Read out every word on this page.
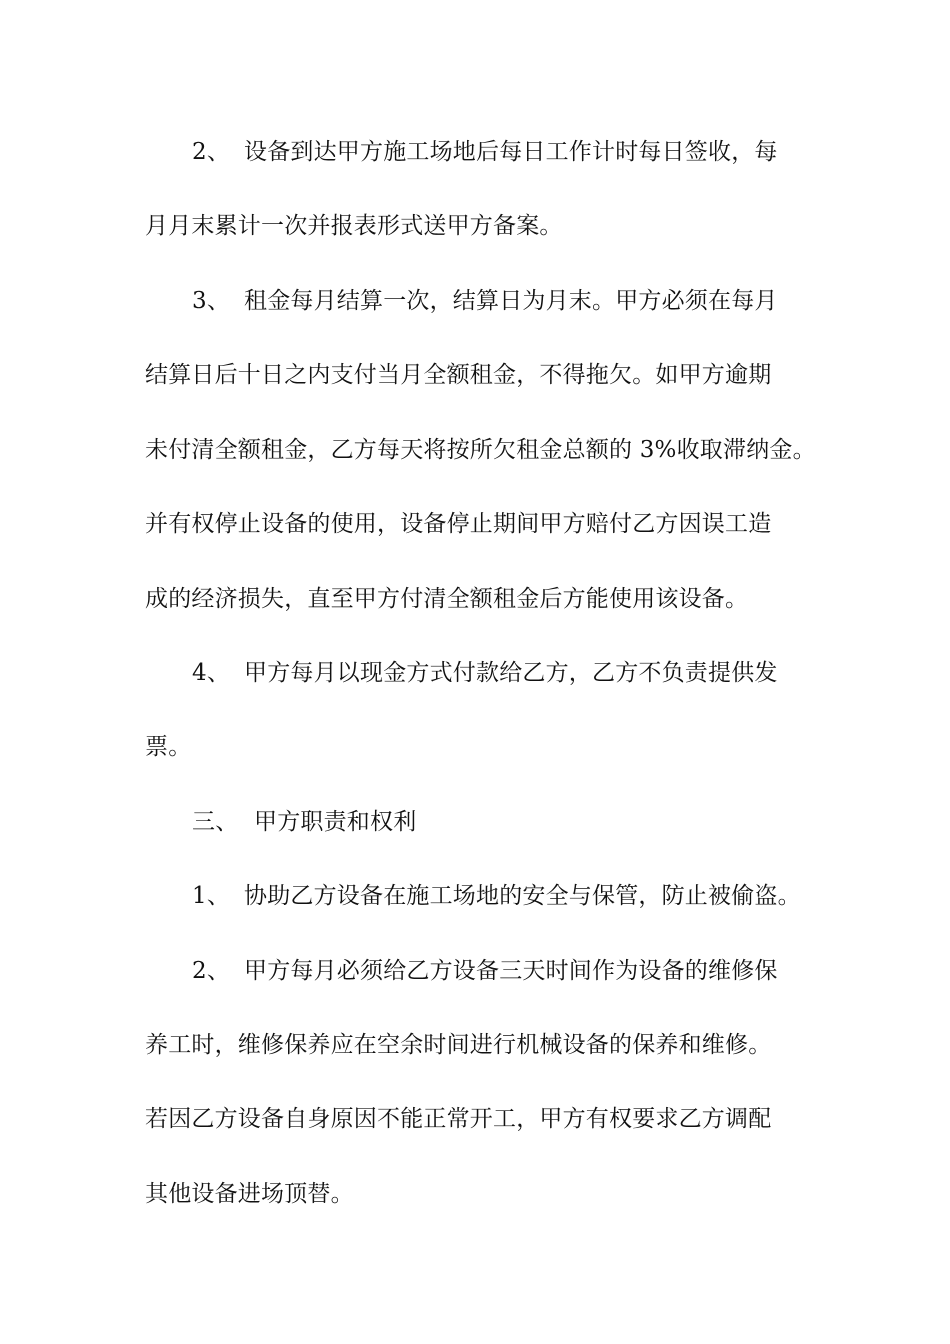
2、 设备到达甲方施工场地后每日工作计时每日签收，每
月月末累计一次并报表形式送甲方备案。
3、 租金每月结算一次，结算日为月末。甲方必须在每月
结算日后十日之内支付当月全额租金，不得拖欠。如甲方逾期
未付清全额租金，乙方每天将按所欠租金总额的 3%收取滞纳金。
并有权停止设备的使用，设备停止期间甲方赔付乙方因误工造
成的经济损失，直至甲方付清全额租金后方能使用该设备。
4、 甲方每月以现金方式付款给乙方，乙方不负责提供发
票。
三、 甲方职责和权利
1、 协助乙方设备在施工场地的安全与保管，防止被偷盗。
2、 甲方每月必须给乙方设备三天时间作为设备的维修保
养工时，维修保养应在空余时间进行机械设备的保养和维修。
若因乙方设备自身原因不能正常开工，甲方有权要求乙方调配
其他设备进场顶替。
